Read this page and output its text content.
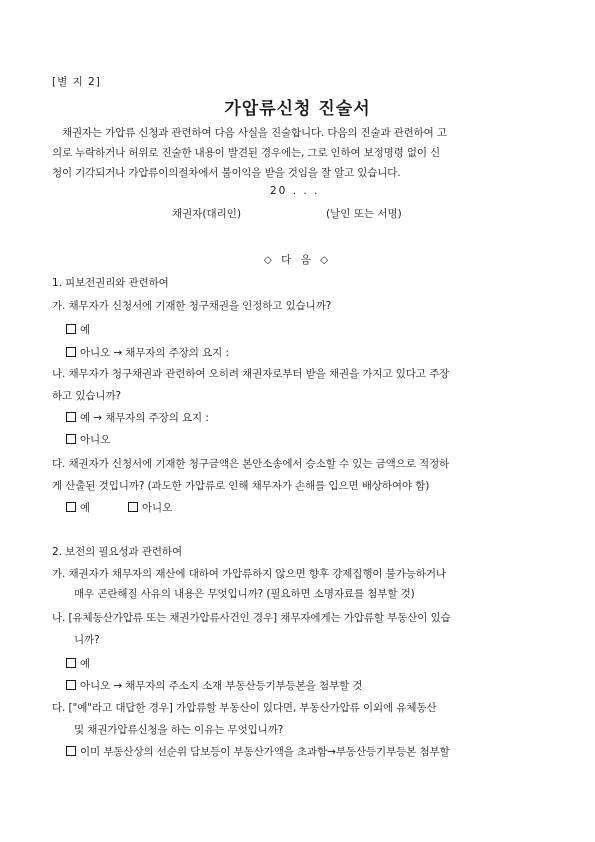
[별 지 2]
가압류신청 진술서
채권자는 가압류 신청과 관련하여 다음 사실을 진술합니다. 다음의 진술과 관련하여 고
의로 누락하거나 허위로 진술한 내용이 발견된 경우에는, 그로 인하여 보정명령 없이 신
청이 기각되거나 가압류이의절차에서 불이익을 받을 것임을 잘 알고 있습니다.
20 . . .
채권자(대리인)	(날인 또는 서명)
◇ 다 음 ◇
1. 피보전권리와 관련하여
가. 채무자가 신청서에 기재한 청구채권을 인정하고 있습니까?
예
아니오 → 채무자의 주장의 요지 :
나. 채무자가 청구채권과 관련하여 오히려 채권자로부터 받을 채권을 가지고 있다고 주장
하고 있습니까?
예 → 채무자의 주장의 요지 :
아니오
다. 채권자가 신청서에 기재한 청구금액은 본안소송에서 승소할 수 있는 금액으로 적정하
게 산출된 것입니까? (과도한 가압류로 인해 채무자가 손해를 입으면 배상하여야 함)
예	아니오
2. 보전의 필요성과 관련하여
가. 채권자가 채무자의 재산에 대하여 가압류하지 않으면 향후 강제집행이 불가능하거나
매우 곤란해질 사유의 내용은 무엇입니까? (필요하면 소명자료를 첨부할 것)
나. [유체동산가압류 또는 채권가압류사건인 경우] 채무자에게는 가압류할 부동산이 있습
니까?
예
아니오 → 채무자의 주소지 소재 부동산등기부등본을 첨부할 것
다. ["예"라고 대답한 경우] 가압류할 부동산이 있다면, 부동산가압류 이외에 유체동산
및 채권가압류신청을 하는 이유는 무엇입니까?
이미 부동산상의 선순위 담보등이 부동산가액을 초과함→부동산등기부등본 첨부할
